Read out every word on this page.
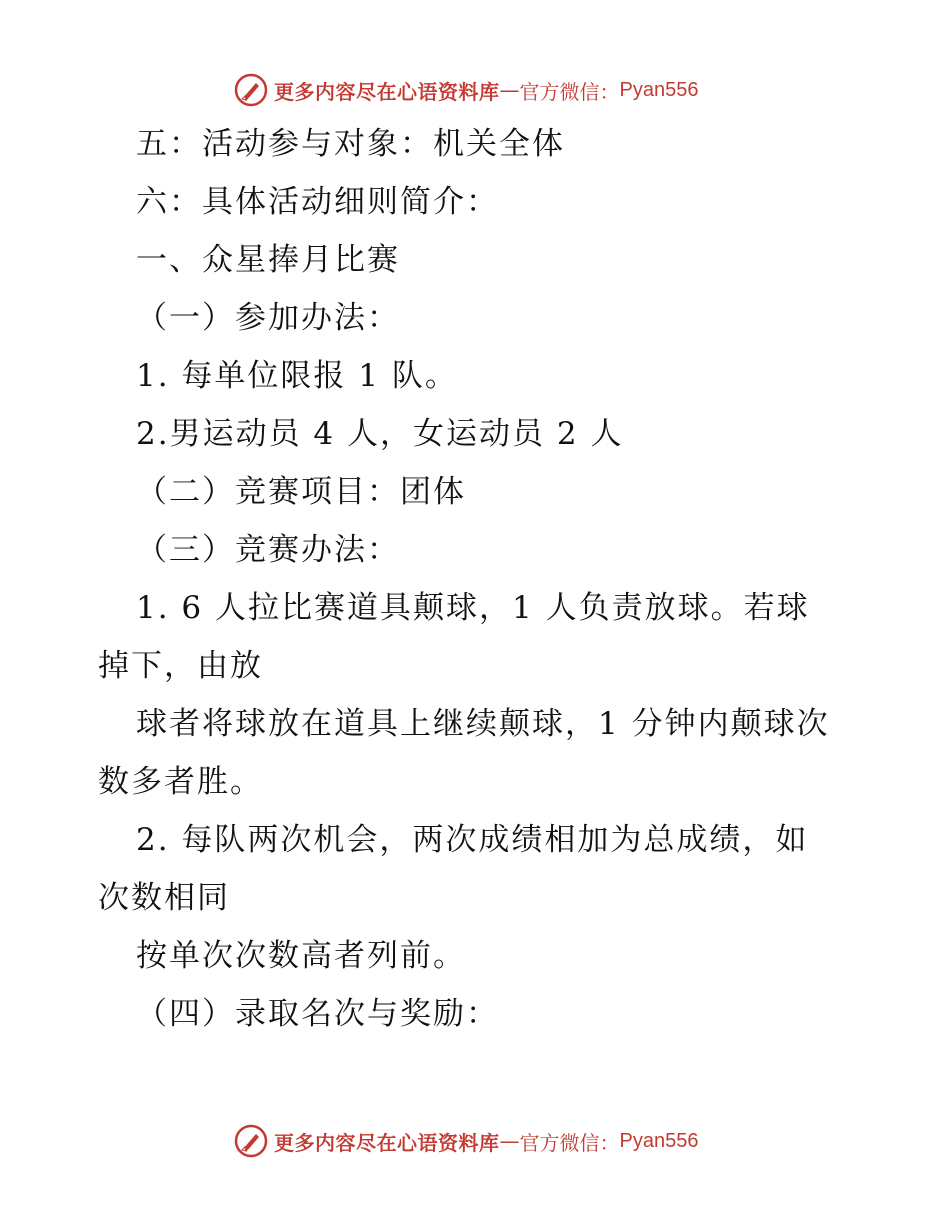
更多内容尽在心语资料库 — 官方微信： Pyan556
五：活动参与对象：机关全体
六：具体活动细则简介：
一、众星捧月比赛
（一）参加办法：
1. 每单位限报 1 队。
2.男运动员 4 人，女运动员 2 人
（二）竞赛项目：团体
（三）竞赛办法：
1. 6 人拉比赛道具颠球，1 人负责放球。若球
掉下，由放
球者将球放在道具上继续颠球，1 分钟内颠球次
数多者胜。
2. 每队两次机会，两次成绩相加为总成绩，如
次数相同
按单次次数高者列前。
（四）录取名次与奖励：
更多内容尽在心语资料库 — 官方微信： Pyan556
